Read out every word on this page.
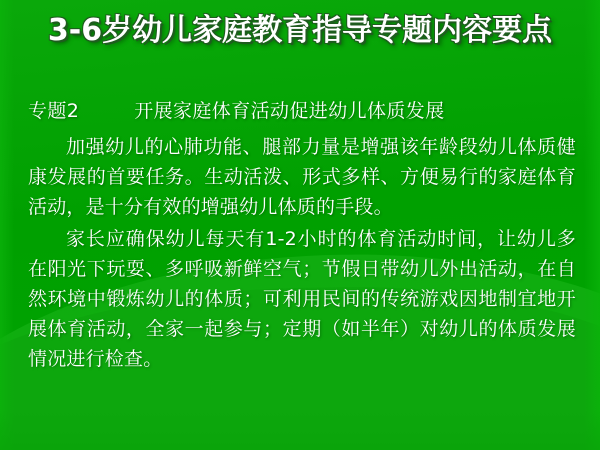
3-6岁幼儿家庭教育指导专题内容要点

专题2	开展家庭体育活动促进幼儿体质发展

加强幼儿的心肺功能、腿部力量是增强该年龄段幼儿体质健康发展的首要任务。生动活泼、形式多样、方便易行的家庭体育活动，是十分有效的增强幼儿体质的手段。

家长应确保幼儿每天有1-2小时的体育活动时间，让幼儿多在阳光下玩耍、多呼吸新鲜空气；节假日带幼儿外出活动，在自然环境中锻炼幼儿的体质；可利用民间的传统游戏因地制宜地开展体育活动，全家一起参与；定期（如半年）对幼儿的体质发展情况进行检查。
